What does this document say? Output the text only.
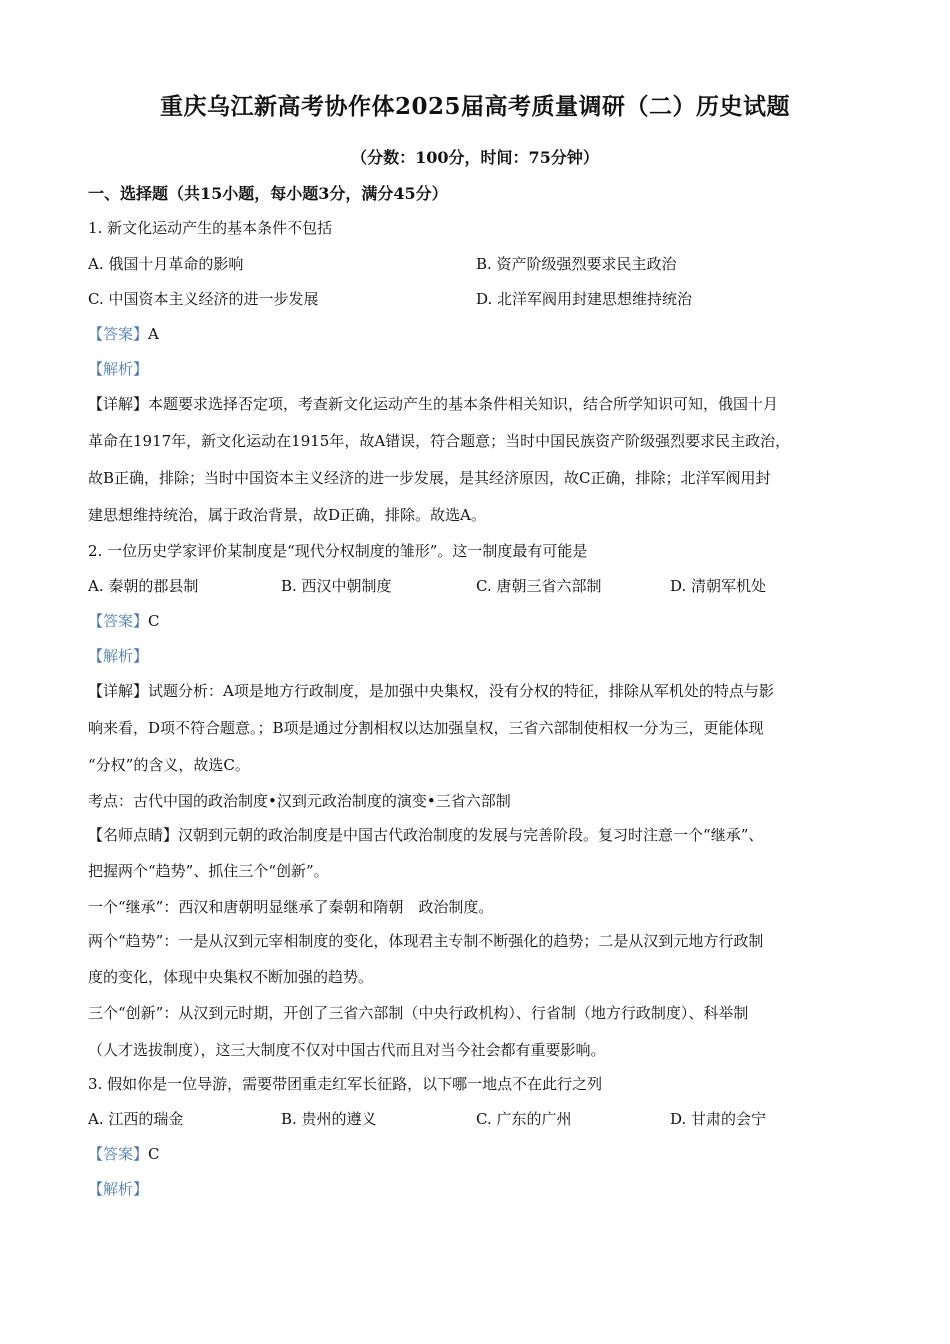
重庆乌江新高考协作体2025届高考质量调研（二）历史试题
（分数：100分，时间：75分钟）
一、选择题（共15小题，每小题3分，满分45分）
1. 新文化运动产生的基本条件不包括
A. 俄国十月革命的影响	B. 资产阶级强烈要求民主政治
C. 中国资本主义经济的进一步发展	D. 北洋军阀用封建思想维持统治
【答案】A
【解析】
【详解】本题要求选择否定项，考查新文化运动产生的基本条件相关知识，结合所学知识可知，俄国十月
革命在1917年，新文化运动在1915年，故A错误，符合题意；当时中国民族资产阶级强烈要求民主政治，
故B正确，排除；当时中国资本主义经济的进一步发展，是其经济原因，故C正确，排除；北洋军阀用封
建思想维持统治，属于政治背景，故D正确，排除。故选A。
2. 一位历史学家评价某制度是“现代分权制度的雏形”。这一制度最有可能是
A. 秦朝的郡县制	B. 西汉中朝制度	C. 唐朝三省六部制	D. 清朝军机处
【答案】C
【解析】
【详解】试题分析：A项是地方行政制度，是加强中央集权，没有分权的特征，排除从军机处的特点与影
响来看，D项不符合题意。；B项是通过分割相权以达加强皇权，三省六部制使相权一分为三，更能体现
“分权”的含义，故选C。
考点：古代中国的政治制度•汉到元政治制度的演变•三省六部制
【名师点睛】汉朝到元朝的政治制度是中国古代政治制度的发展与完善阶段。复习时注意一个“继承”、
把握两个“趋势”、抓住三个“创新”。
一个“继承”：西汉和唐朝明显继承了秦朝和隋朝　政治制度。
两个“趋势”：一是从汉到元宰相制度的变化，体现君主专制不断强化的趋势；二是从汉到元地方行政制
度的变化，体现中央集权不断加强的趋势。
三个“创新”：从汉到元时期，开创了三省六部制（中央行政机构）、行省制（地方行政制度）、科举制
（人才选拔制度），这三大制度不仅对中国古代而且对当今社会都有重要影响。
3. 假如你是一位导游，需要带团重走红军长征路，以下哪一地点不在此行之列
A. 江西的瑞金	B. 贵州的遵义	C. 广东的广州	D. 甘肃的会宁
【答案】C
【解析】
